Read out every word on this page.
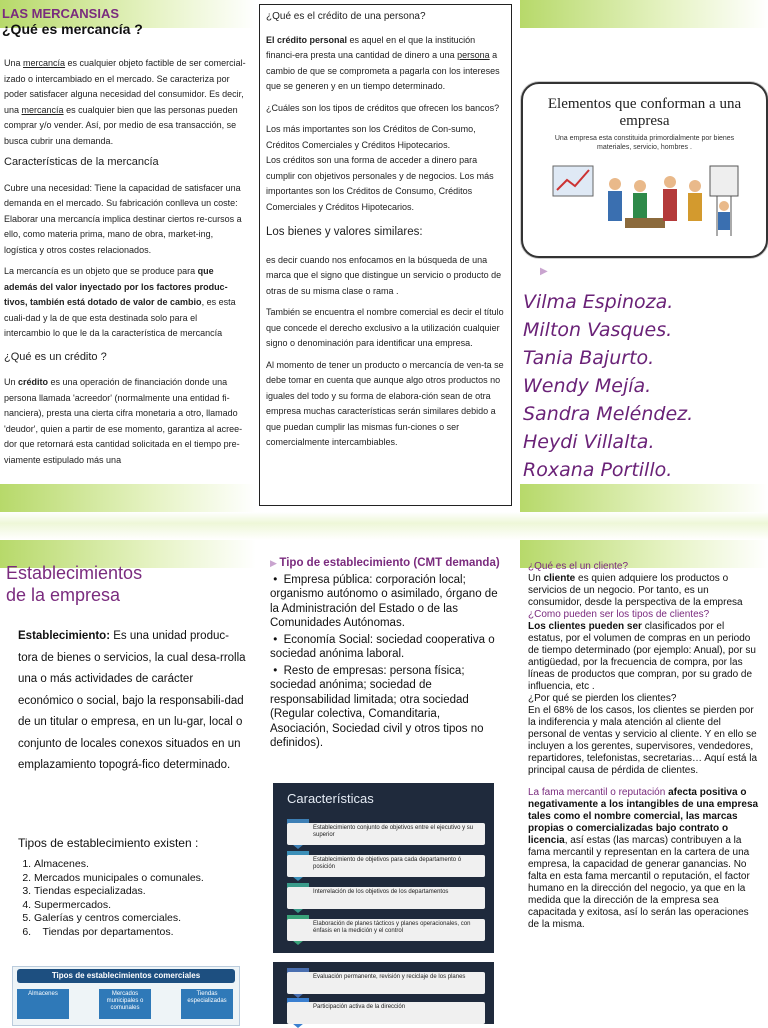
LAS MERCANSIAS
¿Qué es mercancía ?

Una mercancía es cualquier objeto factible de ser comercial-izado o intercambiado en el mercado. Se caracteriza por poder satisfacer alguna necesidad del consumidor. Es decir, una mercancía es cualquier bien que las personas pueden comprar y/o vender. Así, por medio de esa transacción, se busca cubrir una demanda.

Características de la mercancía

Cubre una necesidad: Tiene la capacidad de satisfacer una demanda en el mercado. Su fabricación conlleva un coste: Elaborar una mercancía implica destinar ciertos re-cursos a ello, como materia prima, mano de obra, market-ing, logística y otros costes relacionados.

La mercancía es un objeto que se produce para que además del valor inyectado por los factores produc-tivos, también está dotado de valor de cambio, es esta cuali-dad y la de que esta destinada solo para el intercambio lo que le da la característica de mercancía

¿Qué es un crédito ?

Un crédito es una operación de financiación donde una persona llamada 'acreedor' (normalmente una entidad fi-nanciera), presta una cierta cifra monetaria a otro, llamado 'deudor', quien a partir de ese momento, garantiza al acree-dor que retornará esta cantidad solicitada en el tiempo pre-viamente estipulado más una

¿Qué es el crédito de una persona?

El crédito personal es aquel en el que la institución financi-era presta una cantidad de dinero a una persona a cambio de que se comprometa a pagarla con los intereses que se generen y en un tiempo determinado.

¿Cuáles son los tipos de créditos que ofrecen los bancos?

Los más importantes son los Créditos de Con-sumo, Créditos Comerciales y Créditos Hipotecarios.

Los créditos son una forma de acceder a dinero para cumplir con objetivos personales y de negocios. Los más importantes son los Créditos de Consumo, Créditos Comerciales y Créditos Hipotecarios.

Los bienes y valores similares:

es decir cuando nos enfocamos en la búsqueda de una marca que el signo que distingue un servicio o producto de otras de su misma clase o rama .

También se encuentra el nombre comercial es decir el título que concede el derecho exclusivo a la utilización cualquier signo o denominación para identificar una empresa.

Al momento de tener un producto o mercancía de ven-ta se debe tomar en cuenta que aunque algo otros productos no iguales del todo y su forma de elabora-ción sean de otra empresa muchas características serán similares debido a que puedan cumplir las mismas fun-ciones o ser comercialmente intercambiables.

Elementos que conforman a una empresa
Una empresa esta constituida primordialmente por bienes materiales, servicio, hombres .
▶
Vilma Espinoza.
Milton Vasques.
Tania Bajurto.
Wendy Mejía.
Sandra Meléndez.
Heydi Villalta.
Roxana Portillo.
Establecimientos
de la empresa
Establecimiento: Es una unidad produc-tora de bienes o servicios, la cual desa-rrolla una o más actividades de carácter económico o social, bajo la responsabili-dad de un titular o empresa, en un lu-gar, local o conjunto de locales conexos situados en un emplazamiento topográ-fico determinado.
Tipos de establecimiento existen :
1. Almacenes.
2. Mercados municipales o comunales.
3. Tiendas especializadas.
4. Supermercados.
5. Galerías y centros comerciales.
6.    Tiendas por departamentos.
Tipos de establecimientos comerciales
Almacenes	Mercados municipales o comunales
Tiendas especializadas
▶ Tipo de establecimiento (CMT demanda)
•  Empresa pública: corporación local; organismo autónomo o asimilado, órgano de la Administración del Estado o de las Comunidades Autónomas.
•  Economía Social: sociedad cooperativa o sociedad anónima laboral.
•  Resto de empresas: persona física; sociedad anónima; sociedad de responsabilidad limitada; otra sociedad (Regular colectiva, Comanditaria, Asociación, Sociedad civil y otros tipos no definidos).
Características
Establecimiento conjunto de objetivos entre el ejecutivo y su superior
Establecimiento de objetivos para cada departamento ó posición
Interrelación de los objetivos de los departamentos
Elaboración de planes tácticos y planes operacionales, con énfasis en la medición y el control
Evaluación permanente, revisión y reciclaje de los planes
Participación activa de la dirección
¿Qué es el un cliente?
Un cliente es quien adquiere los productos o servicios de un negocio. Por tanto, es un consumidor, desde la perspectiva de la empresa
¿Como pueden ser los tipos de clientes?
Los clientes pueden ser clasificados por el estatus, por el volumen de compras en un periodo de tiempo determinado (por ejemplo: Anual), por su antigüedad, por la frecuencia de compra, por las líneas de productos que compran, por su grado de influencia, etc .
¿Por qué se pierden los clientes?
En el 68% de los casos, los clientes se pierden por la indiferencia y mala atención al cliente del personal de ventas y servicio al cliente. Y en ello se incluyen a los gerentes, supervisores, vendedores, repartidores, telefonistas, secretarias… Aquí está la principal causa de pérdida de clientes.
La fama mercantil o reputación afecta positiva o negativamente a los intangibles de una empresa tales como el nombre comercial, las marcas propias o comercializadas bajo contrato o licencia, así estas (las marcas) contribuyen a la fama mercantil y representan en la cartera de una empresa, la capacidad de generar ganancias. No falta en esta fama mercantil o reputación, el factor humano en la dirección del negocio, ya que en la medida que la dirección de la empresa sea capacitada y exitosa, así lo serán las operaciones de la misma.
